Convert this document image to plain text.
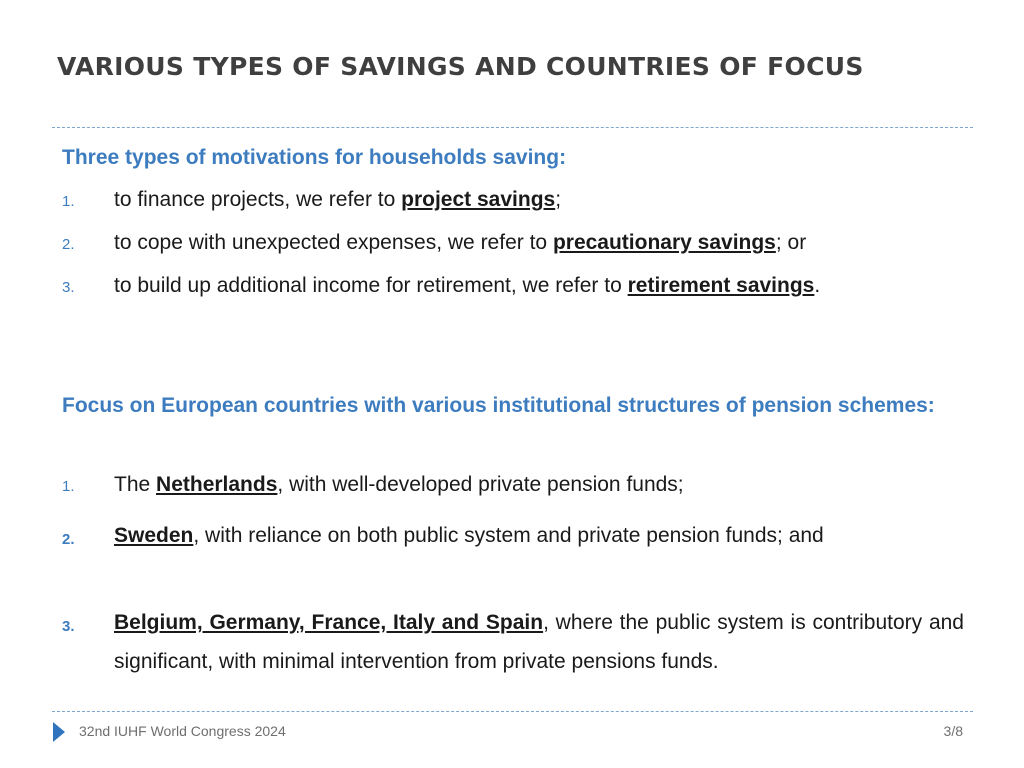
VARIOUS TYPES OF SAVINGS AND COUNTRIES OF FOCUS
Three types of motivations for households saving:
1. to finance projects, we refer to project savings;
2. to cope with unexpected expenses, we refer to precautionary savings; or
3. to build up additional income for retirement, we refer to retirement savings.
Focus on European countries with various institutional structures of pension schemes:
1. The Netherlands, with well-developed private pension funds;
2. Sweden, with reliance on both public system and private pension funds; and
3. Belgium, Germany, France, Italy and Spain, where the public system is contributory and significant, with minimal intervention from private pensions funds.
32nd IUHF World Congress 2024	3/8
